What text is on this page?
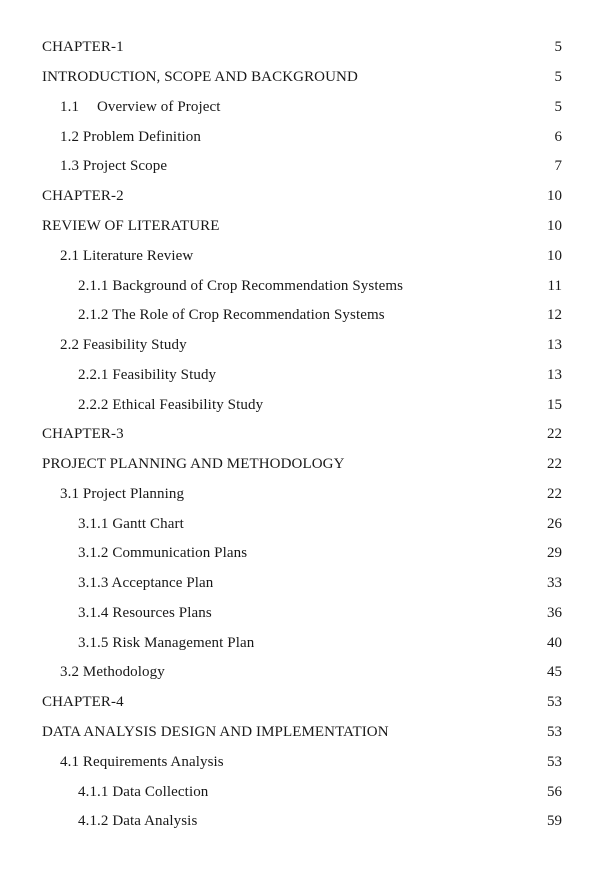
CHAPTER-1	5
INTRODUCTION, SCOPE AND BACKGROUND	5
1.1 Overview of Project	5
1.2 Problem Definition	6
1.3 Project Scope	7
CHAPTER-2	10
REVIEW OF LITERATURE	10
2.1 Literature Review	10
2.1.1 Background of Crop Recommendation Systems	11
2.1.2 The Role of Crop Recommendation Systems	12
2.2 Feasibility Study	13
2.2.1 Feasibility Study	13
2.2.2 Ethical Feasibility Study	15
CHAPTER-3	22
PROJECT PLANNING AND METHODOLOGY	22
3.1 Project Planning	22
3.1.1 Gantt Chart	26
3.1.2 Communication Plans	29
3.1.3 Acceptance Plan	33
3.1.4 Resources Plans	36
3.1.5 Risk Management Plan	40
3.2 Methodology	45
CHAPTER-4	53
DATA ANALYSIS DESIGN AND IMPLEMENTATION	53
4.1 Requirements Analysis	53
4.1.1 Data Collection	56
4.1.2 Data Analysis	59
